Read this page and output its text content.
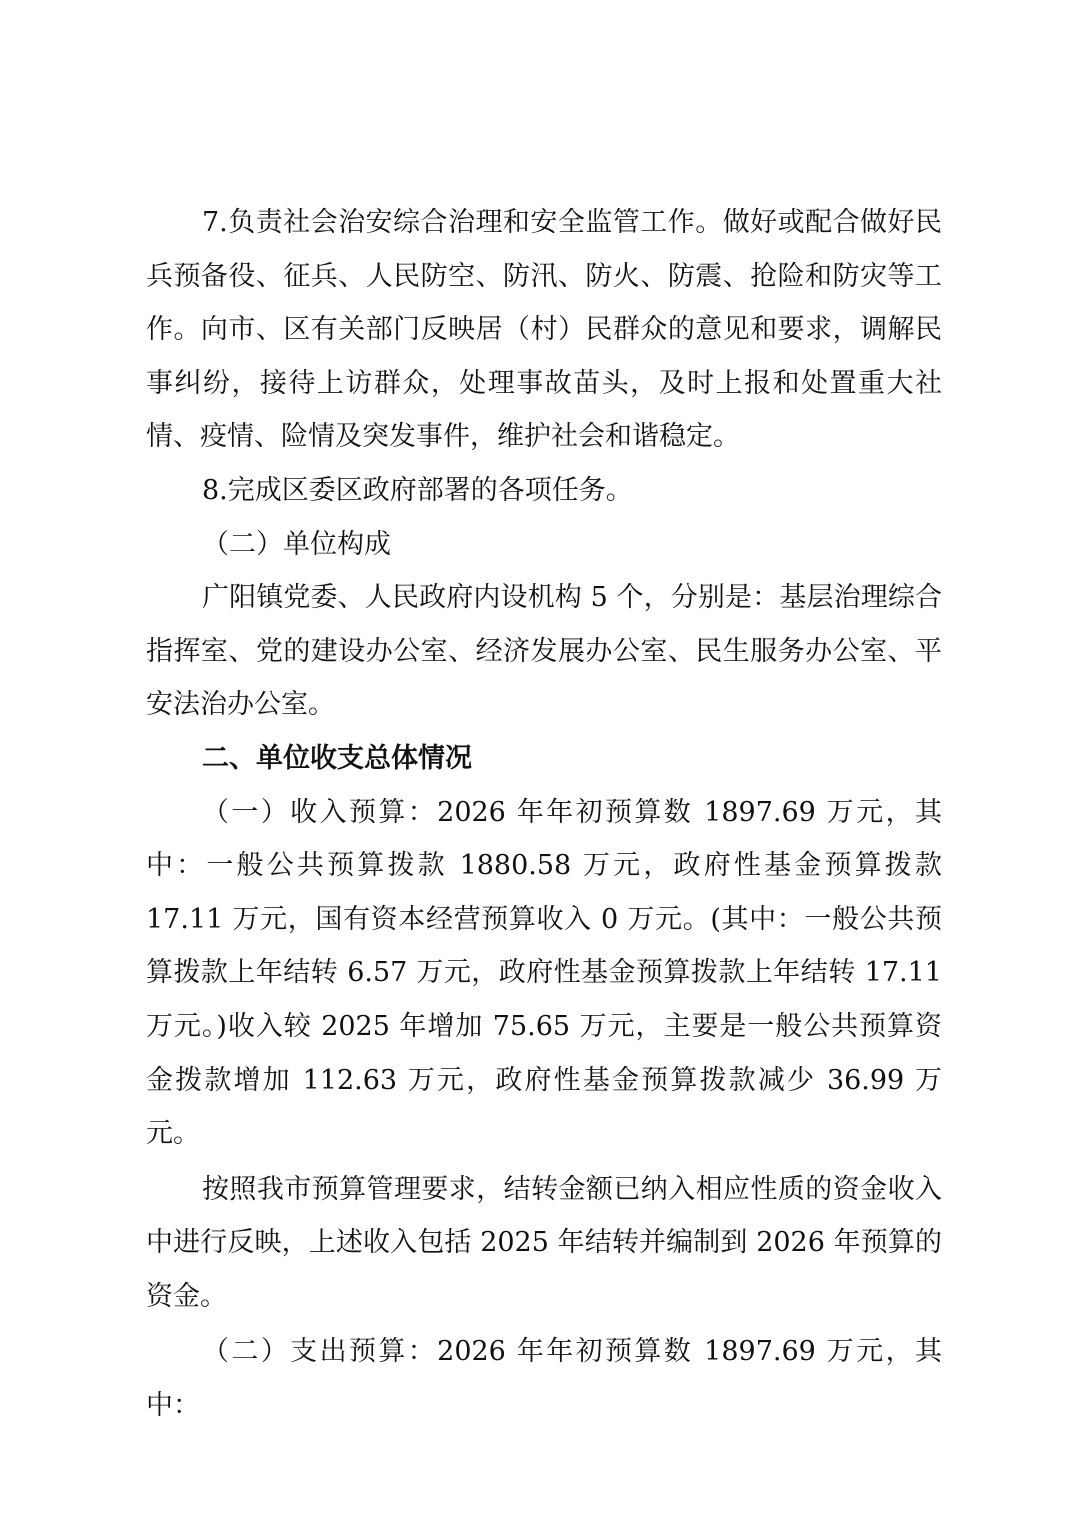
7.负责社会治安综合治理和安全监管工作。做好或配合做好民兵预备役、征兵、人民防空、防汛、防火、防震、抢险和防灾等工作。向市、区有关部门反映居（村）民群众的意见和要求，调解民事纠纷，接待上访群众，处理事故苗头，及时上报和处置重大社情、疫情、险情及突发事件，维护社会和谐稳定。

8.完成区委区政府部署的各项任务。

（二）单位构成

广阳镇党委、人民政府内设机构 5 个，分别是：基层治理综合指挥室、党的建设办公室、经济发展办公室、民生服务办公室、平安法治办公室。

二、单位收支总体情况

（一）收入预算：2026 年年初预算数 1897.69 万元，其中：一般公共预算拨款 1880.58 万元，政府性基金预算拨款 17.11 万元，国有资本经营预算收入 0 万元。(其中：一般公共预算拨款上年结转 6.57 万元，政府性基金预算拨款上年结转 17.11 万元。)收入较 2025 年增加 75.65 万元，主要是一般公共预算资金拨款增加 112.63 万元，政府性基金预算拨款减少 36.99 万元。

按照我市预算管理要求，结转金额已纳入相应性质的资金收入中进行反映，上述收入包括 2025 年结转并编制到 2026 年预算的资金。

（二）支出预算：2026 年年初预算数 1897.69 万元，其中：
